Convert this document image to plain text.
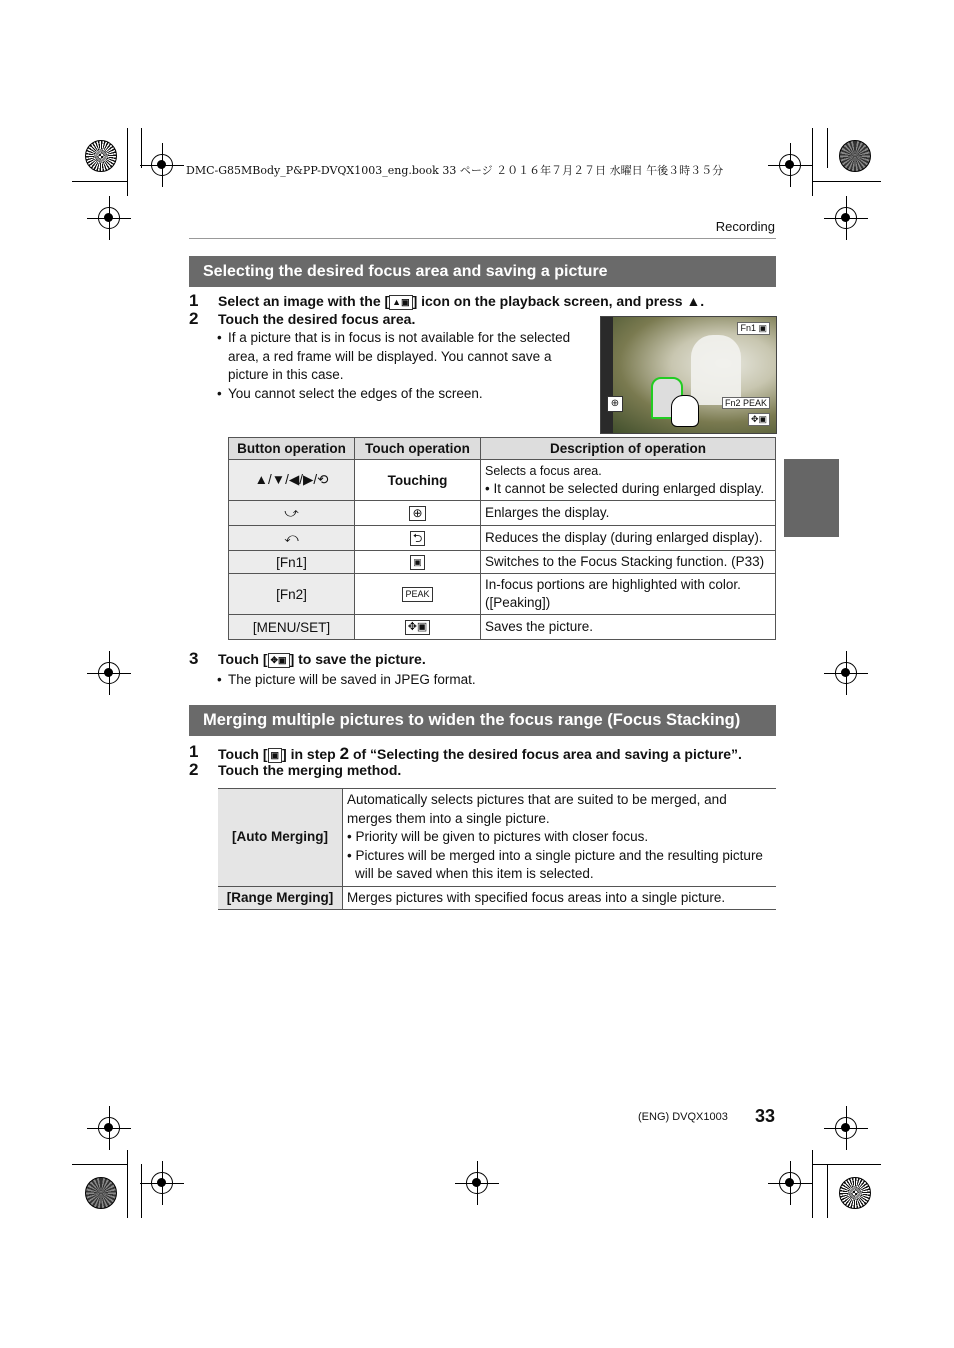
DMC-G85MBody_P&PP-DVQX1003_eng.book 33 ページ ２０１６年７月２７日 水曜日 午後３時３５分
Recording
Selecting the desired focus area and saving a picture
1 Select an image with the [ ▲▣ ] icon on the playback screen, and press ▲.
2 Touch the desired focus area.
• If a picture that is in focus is not available for the selected area, a red frame will be displayed. You cannot save a picture in this case.
• You cannot select the edges of the screen.
Fn1 ▣
Fn2 PEAK
✥▣
⊕
Button operation	Touch operation	Description of operation
▲/▼/◀/▶/⟲	Touching	Selects a focus area.
• It cannot be selected during enlarged display.

⤻	⊕	Enlarges the display.
⤺	⮌	Reduces the display (during enlarged display).
[Fn1]	▣	Switches to the Focus Stacking function. (P33)
[Fn2]	PEAK	In-focus portions are highlighted with color.
([Peaking])

[MENU/SET]	✥▣	Saves the picture.
3 Touch [ ✥▣ ] to save the picture.
• The picture will be saved in JPEG format.
Merging multiple pictures to widen the focus range (Focus Stacking)
1 Touch [ ▣ ] in step 2 of “Selecting the desired focus area and saving a picture”.
2 Touch the merging method.
[Auto Merging]	Automatically selects pictures that are suited to be merged, and merges them into a single picture.
• Priority will be given to pictures with closer focus.
• Pictures will be merged into a single picture and the resulting picture will be saved when this item is selected.

[Range Merging]	Merges pictures with specified focus areas into a single picture.
(ENG) DVQX1003 33
